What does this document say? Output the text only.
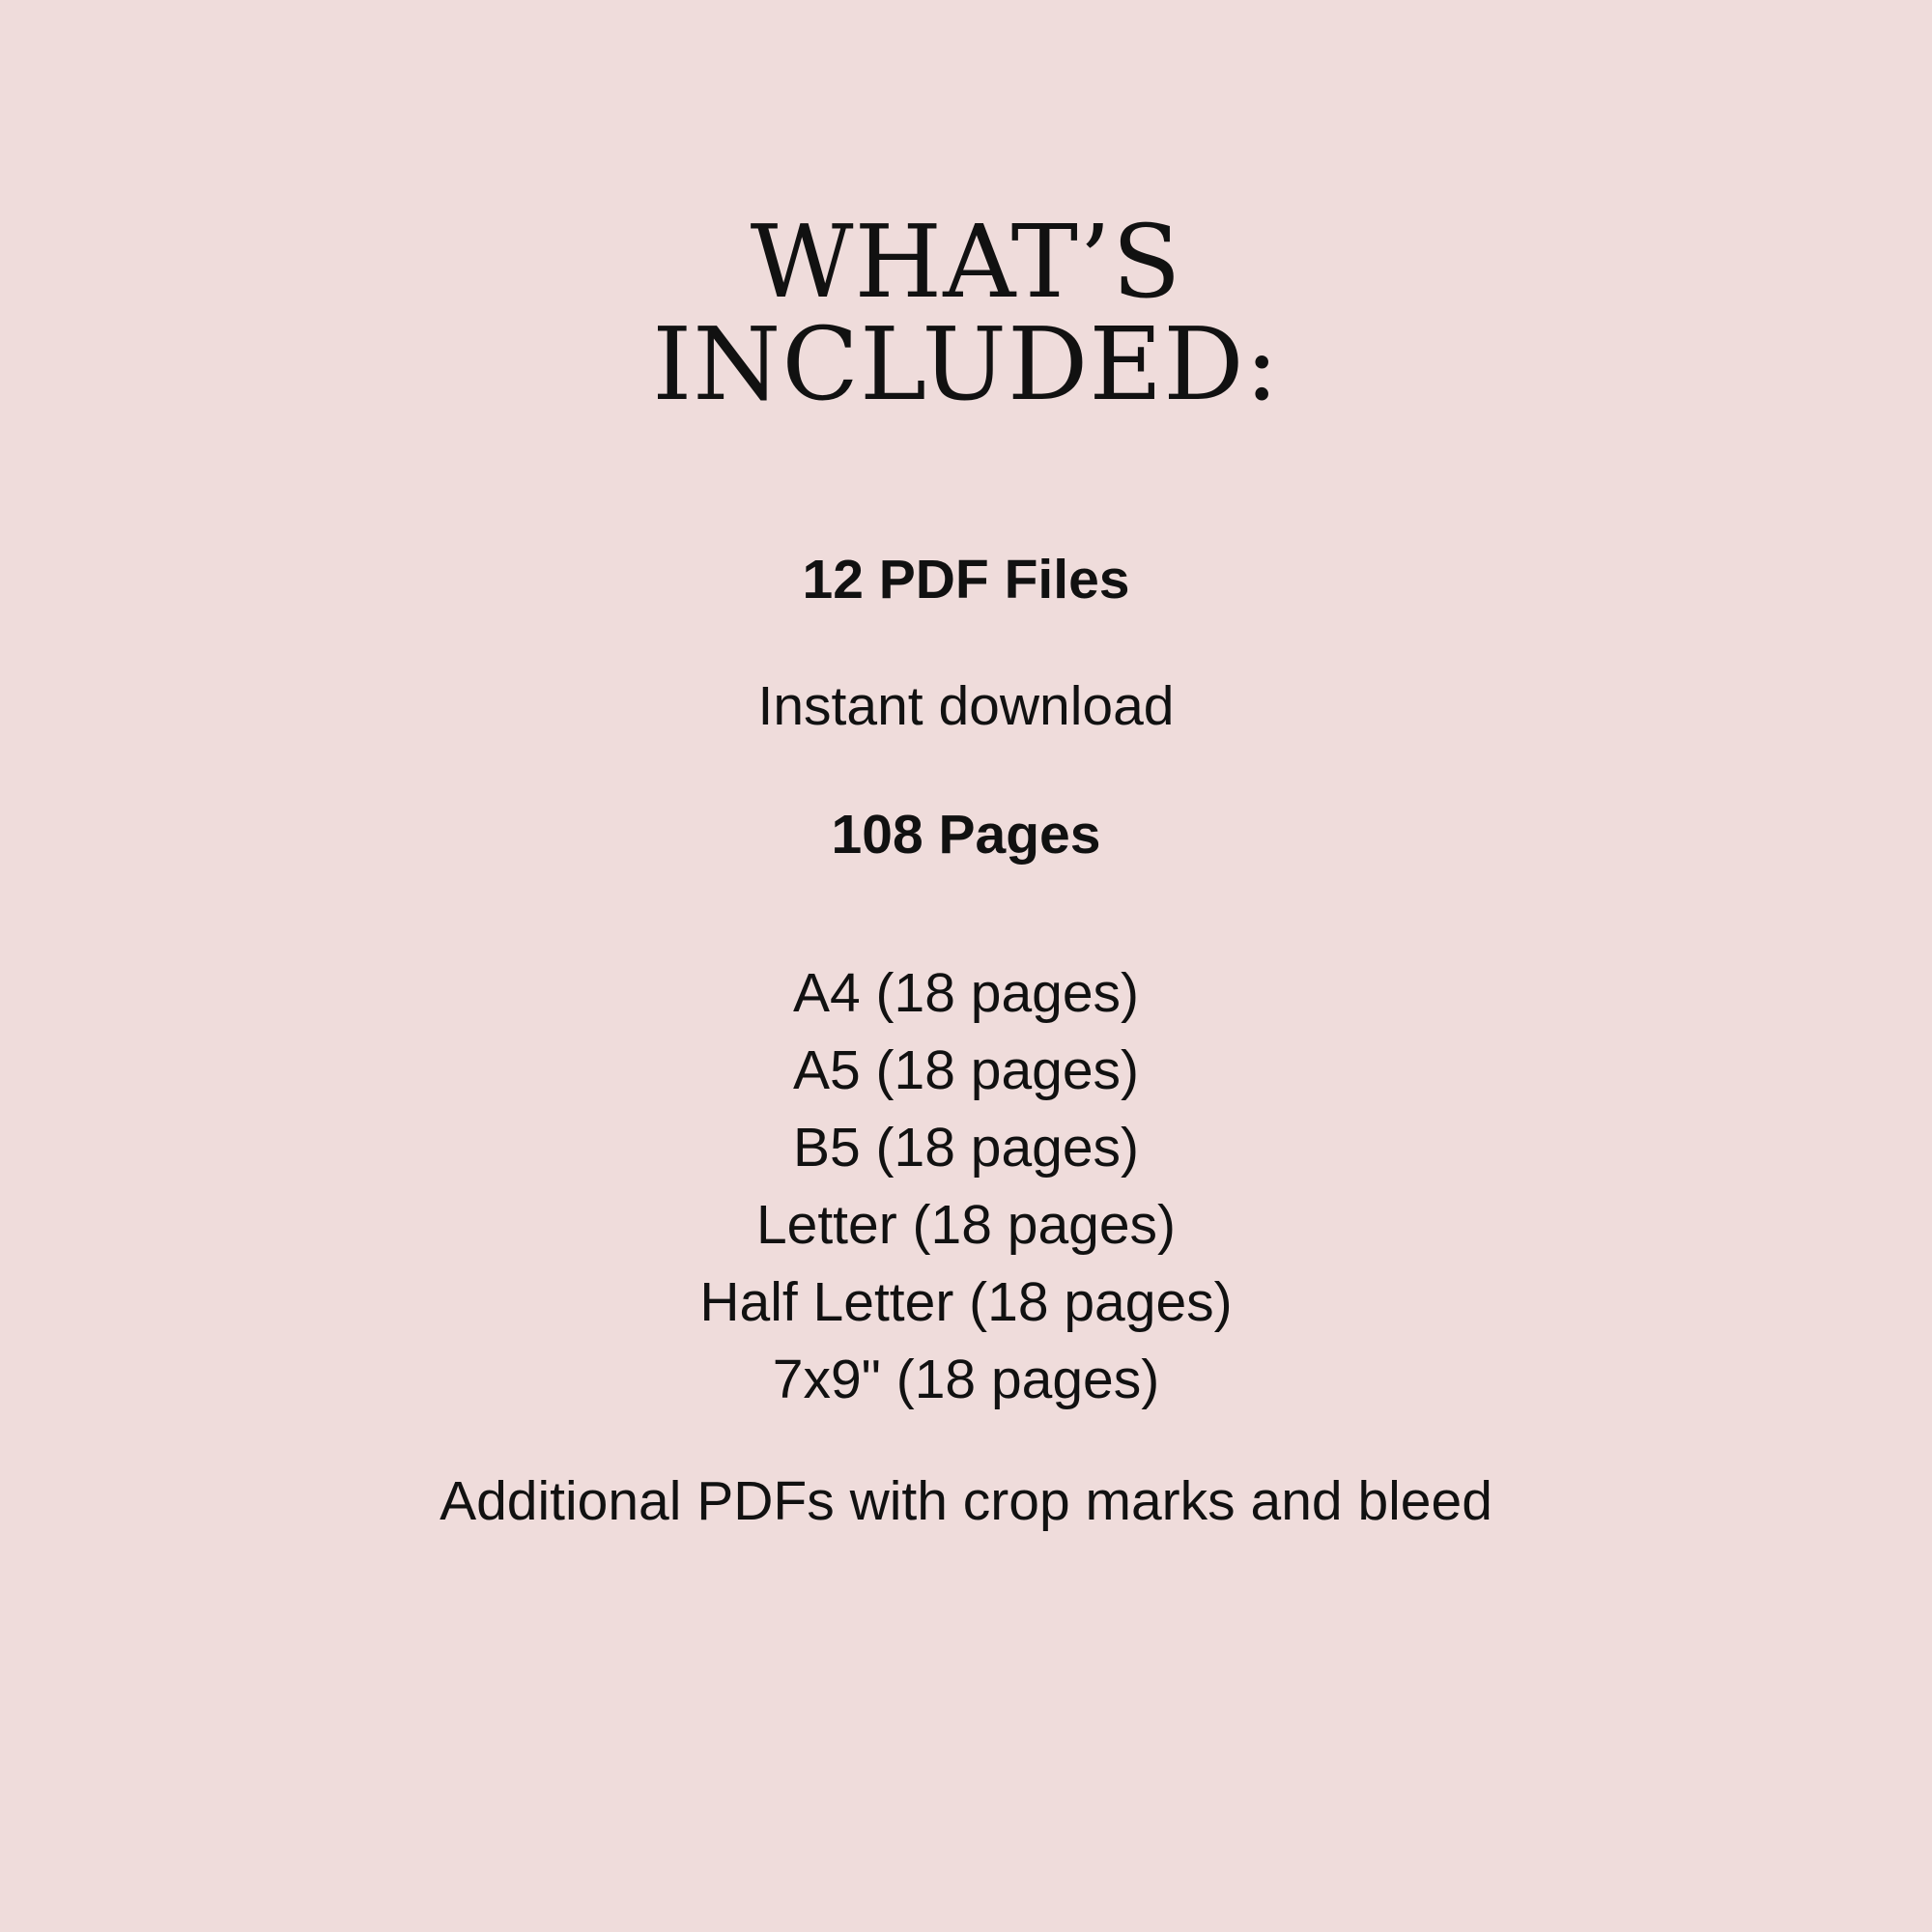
WHAT’S
INCLUDED:
12 PDF Files
Instant download
108 Pages
A4 (18 pages)
A5 (18 pages)
B5 (18 pages)
Letter (18 pages)
Half Letter (18 pages)
7x9" (18 pages)
Additional PDFs with crop marks and bleed
